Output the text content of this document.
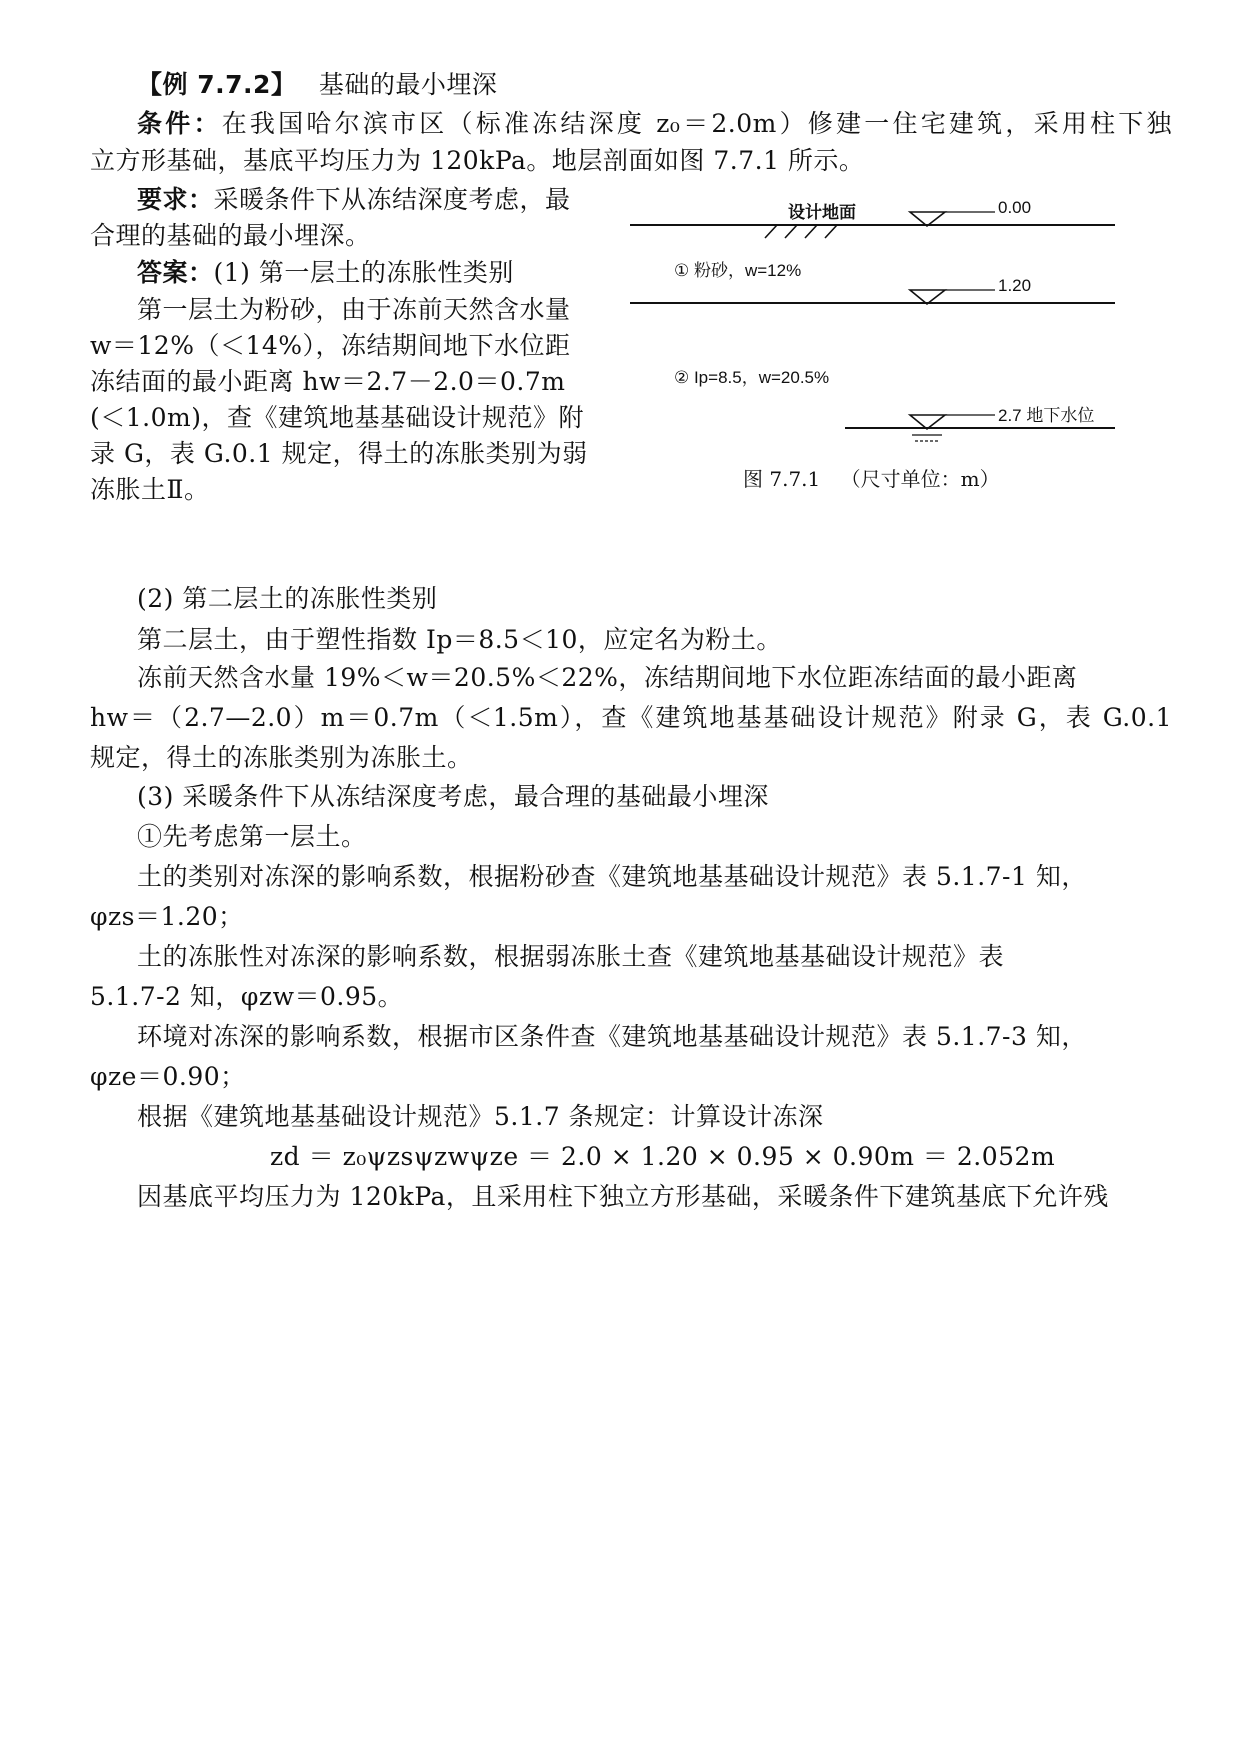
【例 7.7.2】 基础的最小埋深
条件：在我国哈尔滨市区（标准冻结深度 z₀＝2.0m）修建一住宅建筑，采用柱下独
立方形基础，基底平均压力为 120kPa。地层剖面如图 7.7.1 所示。
要求：采暖条件下从冻结深度考虑，最
合理的基础的最小埋深。
答案：(1) 第一层土的冻胀性类别
第一层土为粉砂，由于冻前天然含水量
w＝12%（＜14%），冻结期间地下水位距
冻结面的最小距离 hw＝2.7－2.0＝0.7m
(＜1.0m)，查《建筑地基基础设计规范》附
录 G，表 G.0.1 规定，得土的冻胀类别为弱
冻胀土Ⅱ。
设计地面	0.00
① 粉砂，w=12%
1.20
② Ip=8.5，w=20.5%
2.7 地下水位
图 7.7.1 （尺寸单位：m）
(2) 第二层土的冻胀性类别
第二层土，由于塑性指数 Ip＝8.5＜10，应定名为粉土。
冻前天然含水量 19%＜w＝20.5%＜22%，冻结期间地下水位距冻结面的最小距离
hw＝（2.7—2.0）m＝0.7m（＜1.5m），查《建筑地基基础设计规范》附录 G，表 G.0.1
规定，得土的冻胀类别为冻胀土。
(3) 采暖条件下从冻结深度考虑，最合理的基础最小埋深
①先考虑第一层土。
土的类别对冻深的影响系数，根据粉砂查《建筑地基基础设计规范》表 5.1.7-1 知，
φzs＝1.20；
土的冻胀性对冻深的影响系数，根据弱冻胀土查《建筑地基基础设计规范》表
5.1.7-2 知，φzw＝0.95。
环境对冻深的影响系数，根据市区条件查《建筑地基基础设计规范》表 5.1.7-3 知，
φze＝0.90；
根据《建筑地基基础设计规范》5.1.7 条规定：计算设计冻深
zd ＝ z₀ψzsψzwψze ＝ 2.0 × 1.20 × 0.95 × 0.90m ＝ 2.052m
因基底平均压力为 120kPa，且采用柱下独立方形基础，采暖条件下建筑基底下允许残
